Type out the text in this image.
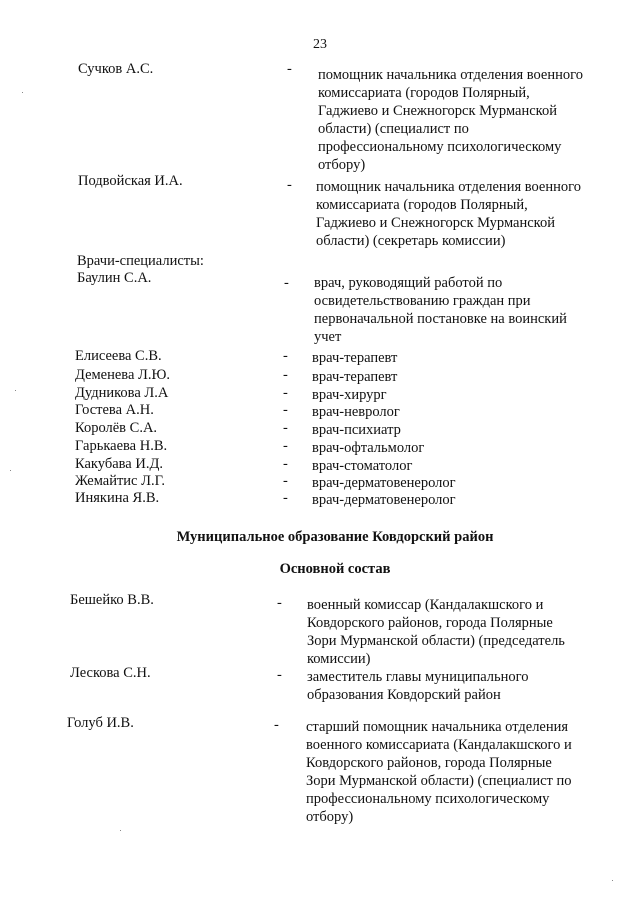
23
Сучков А.С.	- помощник начальника отделения военного
комиссариата (городов Полярный,
Гаджиево и Снежногорск Мурманской
области) (специалист по
профессиональному психологическому
отбору)
Подвойская И.А.	- помощник начальника отделения военного
комиссариата (городов Полярный,
Гаджиево и Снежногорск Мурманской
области) (секретарь комиссии)
Врачи-специалисты:
Баулин С.А.	- врач, руководящий работой по
освидетельствованию граждан при
первоначальной постановке на воинский
учет
Елисеева С.В.	- врач-терапевт
Деменева Л.Ю.	- врач-терапевт
Дудникова Л.А	- врач-хирург
Гостева А.Н.	- врач-невролог
Королёв С.А.	- врач-психиатр
Гарькаева Н.В.	- врач-офтальмолог
Какубава И.Д.	- врач-стоматолог
Жемайтис Л.Г.	- врач-дерматовенеролог
Инякина Я.В.	- врач-дерматовенеролог
Муниципальное образование Ковдорский район
Основной состав
Бешейко В.В.	- военный комиссар (Кандалакшского и
Ковдорского районов, города Полярные
Зори Мурманской области) (председатель
комиссии)
Лескова С.Н.	- заместитель главы муниципального
образования Ковдорский район
Голуб И.В.	- старший помощник начальника отделения
военного комиссариата (Кандалакшского и
Ковдорского районов, города Полярные
Зори Мурманской области) (специалист по
профессиональному психологическому
отбору)
